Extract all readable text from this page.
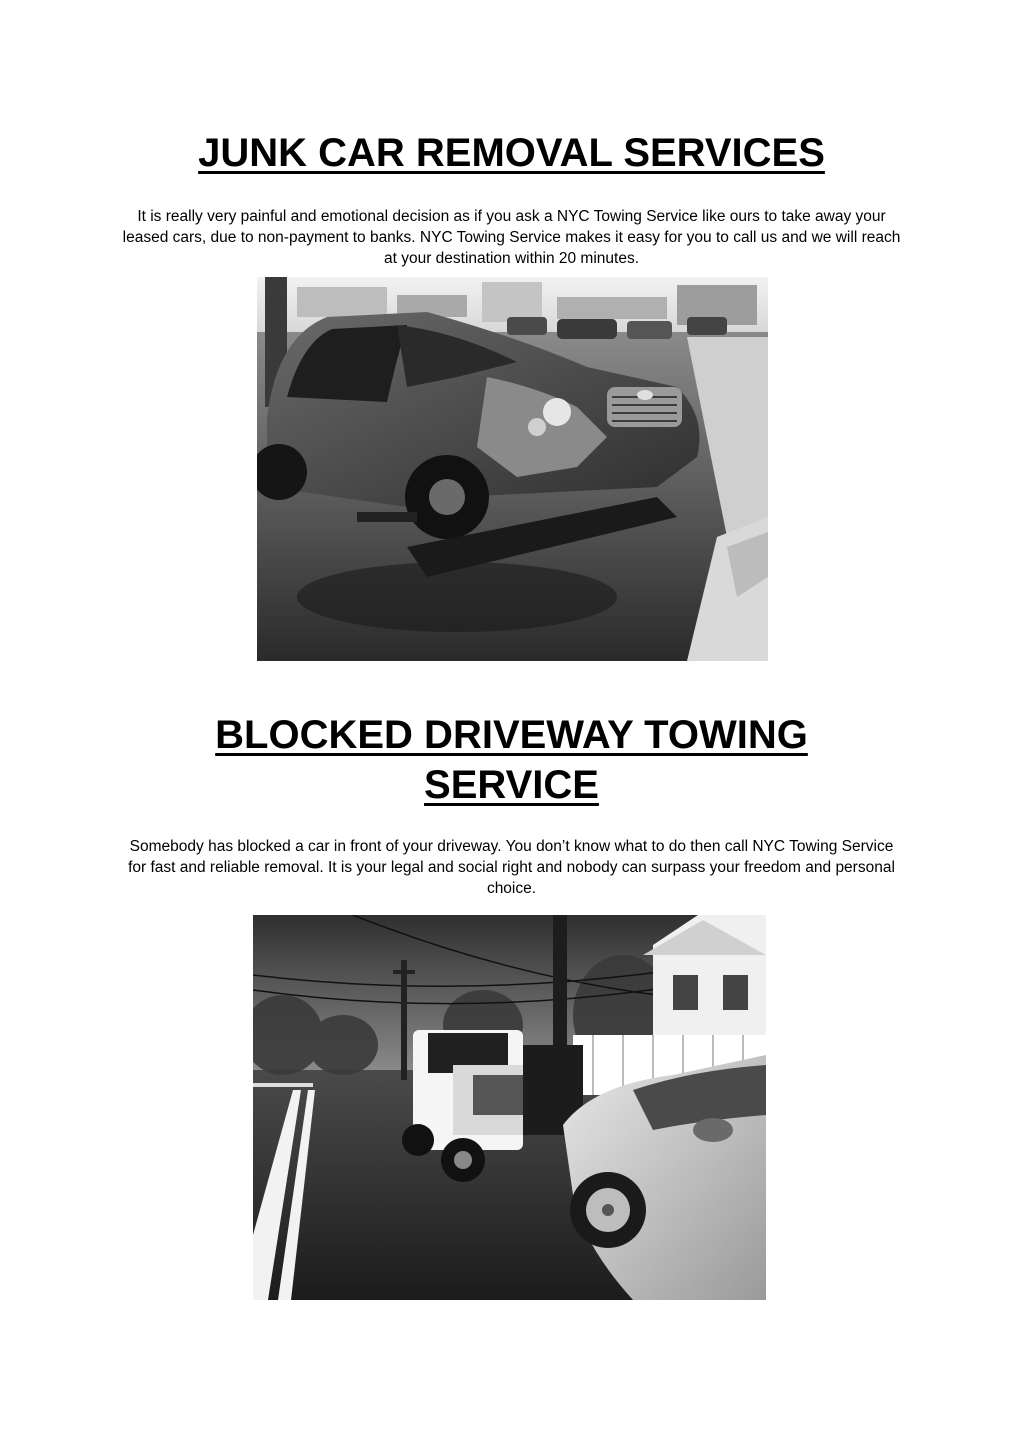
JUNK CAR REMOVAL SERVICES

It is really very painful and emotional decision as if you ask a NYC Towing Service like ours to take away your leased cars, due to non-payment to banks. NYC Towing Service makes it easy for you to call us and we will reach at your destination within 20 minutes.

BLOCKED DRIVEWAY TOWING
SERVICE

Somebody has blocked a car in front of your driveway. You don’t know what to do then call NYC Towing Service for fast and reliable removal. It is your legal and social right and nobody can surpass your freedom and personal choice.
